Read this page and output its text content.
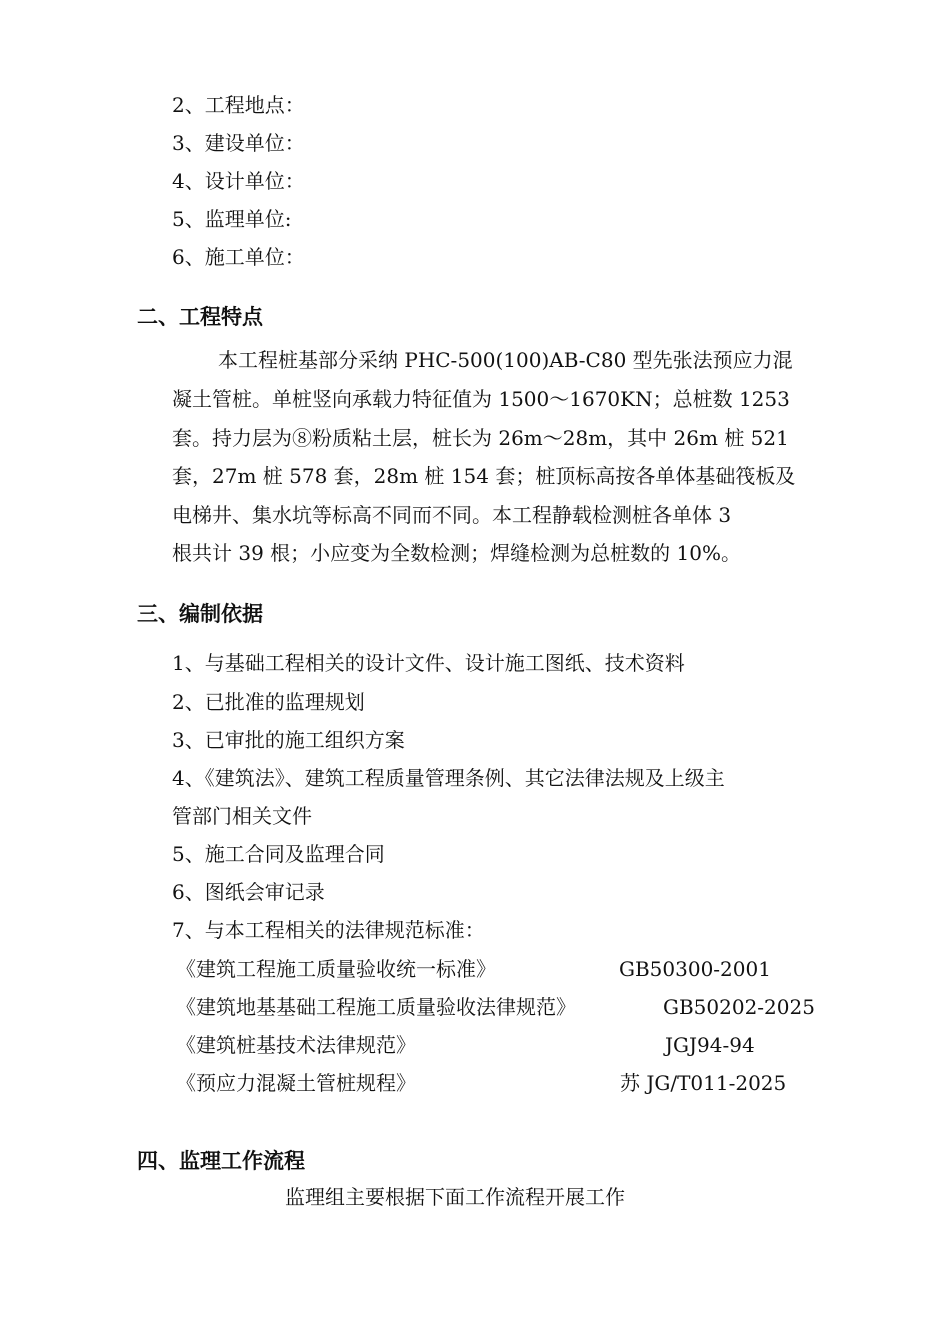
2、工程地点：
3、建设单位：
4、设计单位：
5、监理单位:
6、施工单位：
二、工程特点
本工程桩基部分采纳 PHC-500(100)AB-C80 型先张法预应力混
凝土管桩。单桩竖向承载力特征值为 1500～1670KN；总桩数 1253
套。持力层为⑧粉质粘土层，桩长为 26m～28m，其中 26m 桩 521
套，27m 桩 578 套，28m 桩 154 套；桩顶标高按各单体基础筏板及
电梯井、集水坑等标高不同而不同。本工程静载检测桩各单体 3
根共计 39 根；小应变为全数检测；焊缝检测为总桩数的 10%。
三、编制依据
1、与基础工程相关的设计文件、设计施工图纸、技术资料
2、已批准的监理规划
3、已审批的施工组织方案
4、《建筑法》、建筑工程质量管理条例、其它法律法规及上级主
管部门相关文件
5、施工合同及监理合同
6、图纸会审记录
7、与本工程相关的法律规范标准：
《建筑工程施工质量验收统一标准》	GB50300-2001
《建筑地基基础工程施工质量验收法律规范》	GB50202-2025
《建筑桩基技术法律规范》	JGJ94-94
《预应力混凝土管桩规程》	苏 JG/T011-2025
四、监理工作流程
监理组主要根据下面工作流程开展工作
